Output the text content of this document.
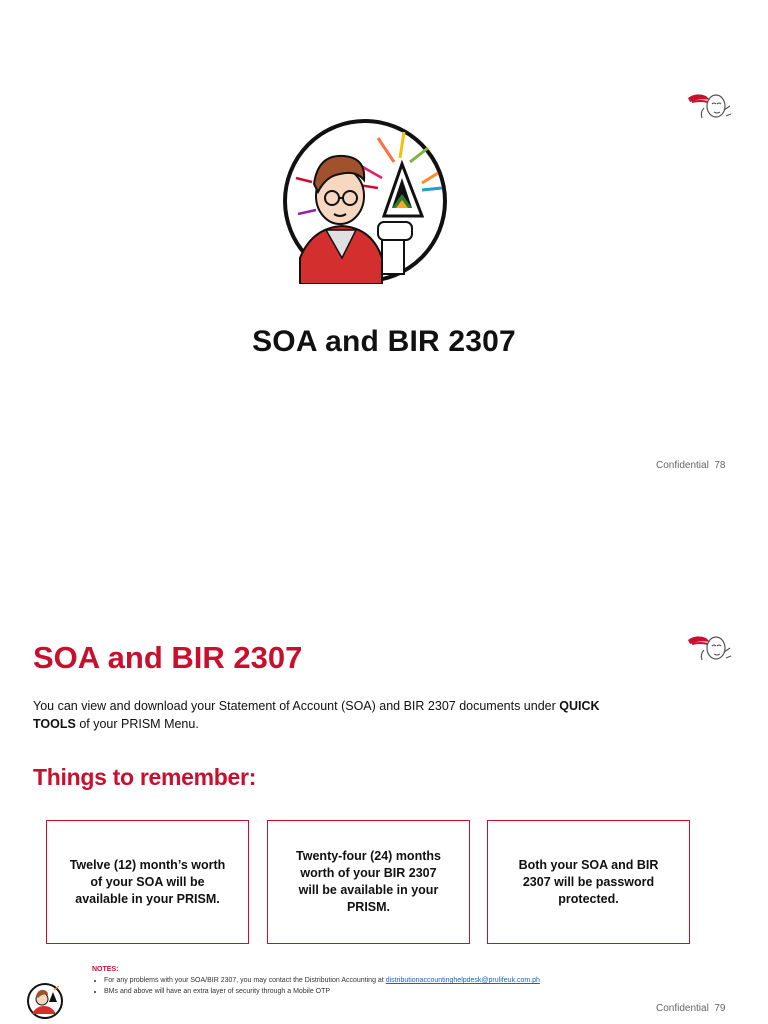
SOA and BIR 2307
Confidential 78
SOA and BIR 2307
You can view and download your Statement of Account (SOA) and BIR 2307 documents under QUICK TOOLS of your PRISM Menu.
Things to remember:
Twelve (12) month’s worth of your SOA will be available in your PRISM.
Twenty-four (24) months worth of your BIR 2307 will be available in your PRISM.
Both your SOA and BIR 2307 will be password protected.
NOTES:
• For any problems with your SOA/BIR 2307, you may contact the Distribution Accounting at distributionaccountinghelpdesk@prulifeuk.com.ph
• BMs and above will have an extra layer of security through a Mobile OTP
Confidential 79
